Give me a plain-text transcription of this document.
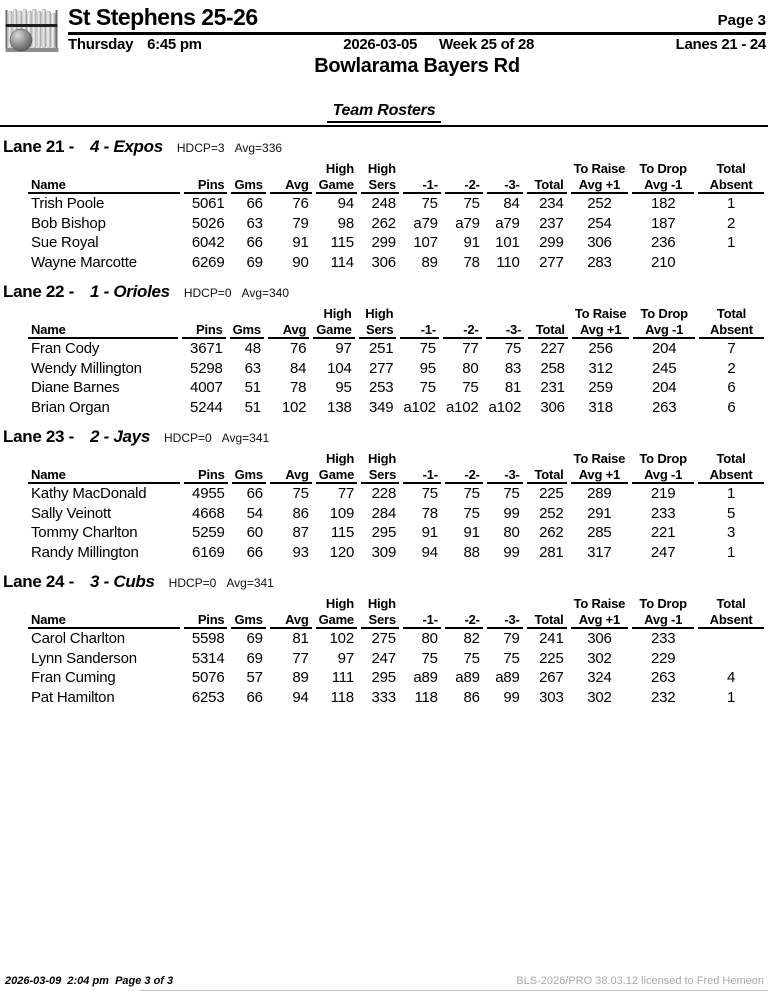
St Stephens 25-26	Page 3
Thursday 6:45 pm	2026-03-05 Week 25 of 28	Lanes 21 - 24
Bowlarama Bayers Rd
Team Rosters
Lane 21 - 4 - Expos HDCP=3 Avg=336
				High	High					To Raise	To Drop	Total
Name	Pins	Gms	Avg	Game	Sers	-1-	-2-	-3-	Total	Avg +1	Avg -1	Absent
Trish Poole	5061	66	76	94	248	75	75	84	234	252	182	1
Bob Bishop	5026	63	79	98	262	a79	a79	a79	237	254	187	2
Sue Royal	6042	66	91	115	299	107	91	101	299	306	236	1
Wayne Marcotte	6269	69	90	114	306	89	78	110	277	283	210	
Lane 22 - 1 - Orioles HDCP=0 Avg=340
				High	High					To Raise	To Drop	Total
Name	Pins	Gms	Avg	Game	Sers	-1-	-2-	-3-	Total	Avg +1	Avg -1	Absent
Fran Cody	3671	48	76	97	251	75	77	75	227	256	204	7
Wendy Millington	5298	63	84	104	277	95	80	83	258	312	245	2
Diane Barnes	4007	51	78	95	253	75	75	81	231	259	204	6
Brian Organ	5244	51	102	138	349	a102	a102	a102	306	318	263	6
Lane 23 - 2 - Jays HDCP=0 Avg=341
				High	High					To Raise	To Drop	Total
Name	Pins	Gms	Avg	Game	Sers	-1-	-2-	-3-	Total	Avg +1	Avg -1	Absent
Kathy MacDonald	4955	66	75	77	228	75	75	75	225	289	219	1
Sally Veinott	4668	54	86	109	284	78	75	99	252	291	233	5
Tommy Charlton	5259	60	87	115	295	91	91	80	262	285	221	3
Randy Millington	6169	66	93	120	309	94	88	99	281	317	247	1
Lane 24 - 3 - Cubs HDCP=0 Avg=341
				High	High					To Raise	To Drop	Total
Name	Pins	Gms	Avg	Game	Sers	-1-	-2-	-3-	Total	Avg +1	Avg -1	Absent
Carol Charlton	5598	69	81	102	275	80	82	79	241	306	233	
Lynn Sanderson	5314	69	77	97	247	75	75	75	225	302	229	
Fran Cuming	5076	57	89	111	295	a89	a89	a89	267	324	263	4
Pat Hamilton	6253	66	94	118	333	118	86	99	303	302	232	1
2026-03-09  2:04 pm  Page 3 of 3	BLS-2026/PRO 38.03.12 licensed to Fred Hemeon
